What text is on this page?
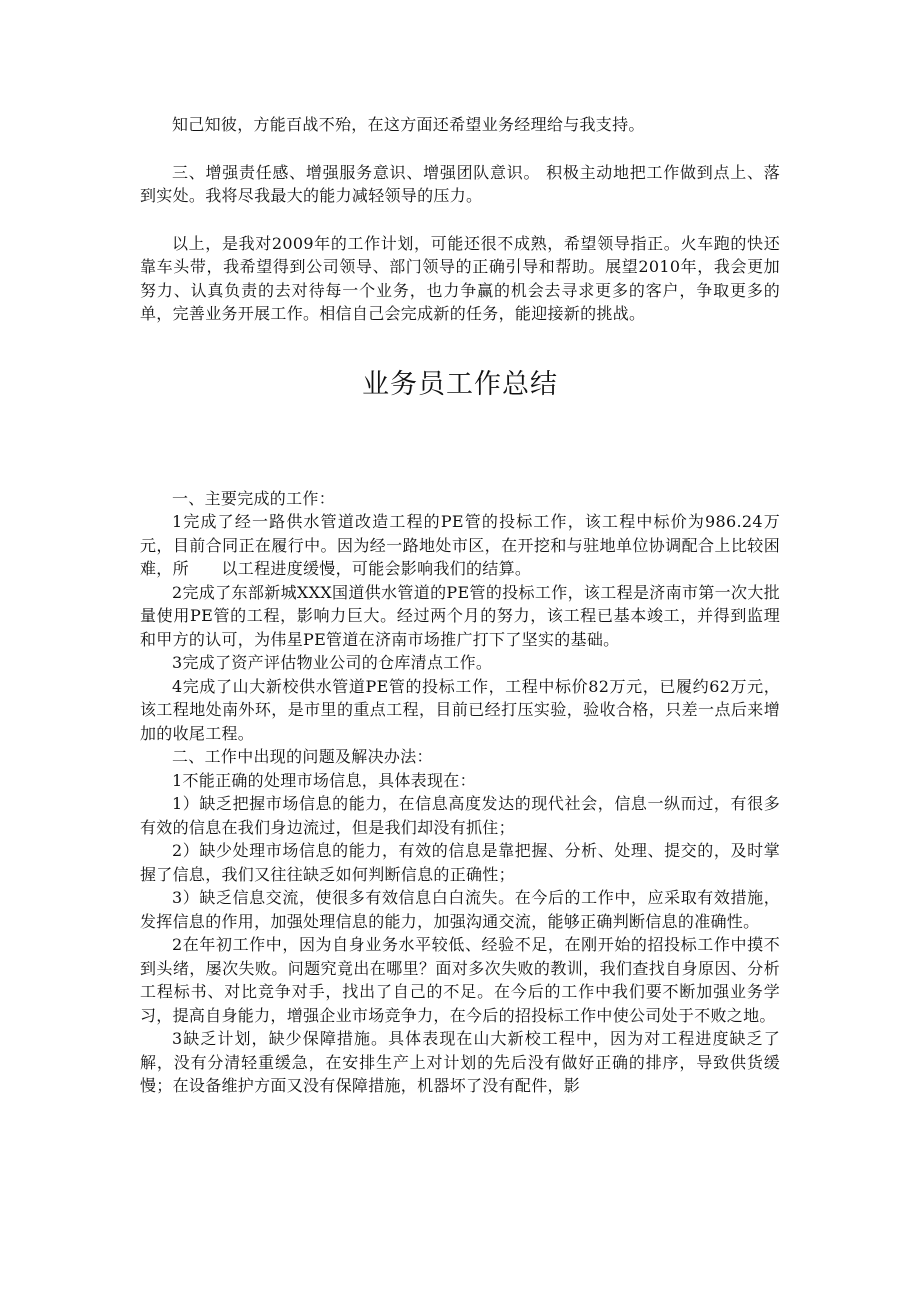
知己知彼，方能百战不殆，在这方面还希望业务经理给与我支持。

三、增强责任感、增强服务意识、增强团队意识。 积极主动地把工作做到点上、落到实处。我将尽我最大的能力减轻领导的压力。

以上，是我对2009年的工作计划，可能还很不成熟，希望领导指正。火车跑的快还靠车头带，我希望得到公司领导、部门领导的正确引导和帮助。展望2010年，我会更加努力、认真负责的去对待每一个业务，也力争赢的机会去寻求更多的客户，争取更多的单，完善业务开展工作。相信自己会完成新的任务，能迎接新的挑战。

业务员工作总结

一、主要完成的工作：

1完成了经一路供水管道改造工程的PE管的投标工作，该工程中标价为986.24万元，目前合同正在履行中。因为经一路地处市区，在开挖和与驻地单位协调配合上比较困难，所　　以工程进度缓慢，可能会影响我们的结算。

2完成了东部新城XXX国道供水管道的PE管的投标工作，该工程是济南市第一次大批量使用PE管的工程，影响力巨大。经过两个月的努力，该工程已基本竣工，并得到监理和甲方的认可，为伟星PE管道在济南市场推广打下了坚实的基础。

3完成了资产评估物业公司的仓库清点工作。

4完成了山大新校供水管道PE管的投标工作，工程中标价82万元，已履约62万元，该工程地处南外环，是市里的重点工程，目前已经打压实验，验收合格，只差一点后来增加的收尾工程。

二、工作中出现的问题及解决办法：

1不能正确的处理市场信息，具体表现在：

1）缺乏把握市场信息的能力，在信息高度发达的现代社会，信息一纵而过，有很多有效的信息在我们身边流过，但是我们却没有抓住；

2）缺少处理市场信息的能力，有效的信息是靠把握、分析、处理、提交的，及时掌握了信息，我们又往往缺乏如何判断信息的正确性；

3）缺乏信息交流，使很多有效信息白白流失。在今后的工作中，应采取有效措施，发挥信息的作用，加强处理信息的能力，加强沟通交流，能够正确判断信息的准确性。

2在年初工作中，因为自身业务水平较低、经验不足，在刚开始的招投标工作中摸不到头绪，屡次失败。问题究竟出在哪里？面对多次失败的教训，我们查找自身原因、分析工程标书、对比竞争对手，找出了自己的不足。在今后的工作中我们要不断加强业务学习，提高自身能力，增强企业市场竞争力，在今后的招投标工作中使公司处于不败之地。

3缺乏计划，缺少保障措施。具体表现在山大新校工程中，因为对工程进度缺乏了解，没有分清轻重缓急，在安排生产上对计划的先后没有做好正确的排序，导致供货缓慢；在设备维护方面又没有保障措施，机器坏了没有配件，影
